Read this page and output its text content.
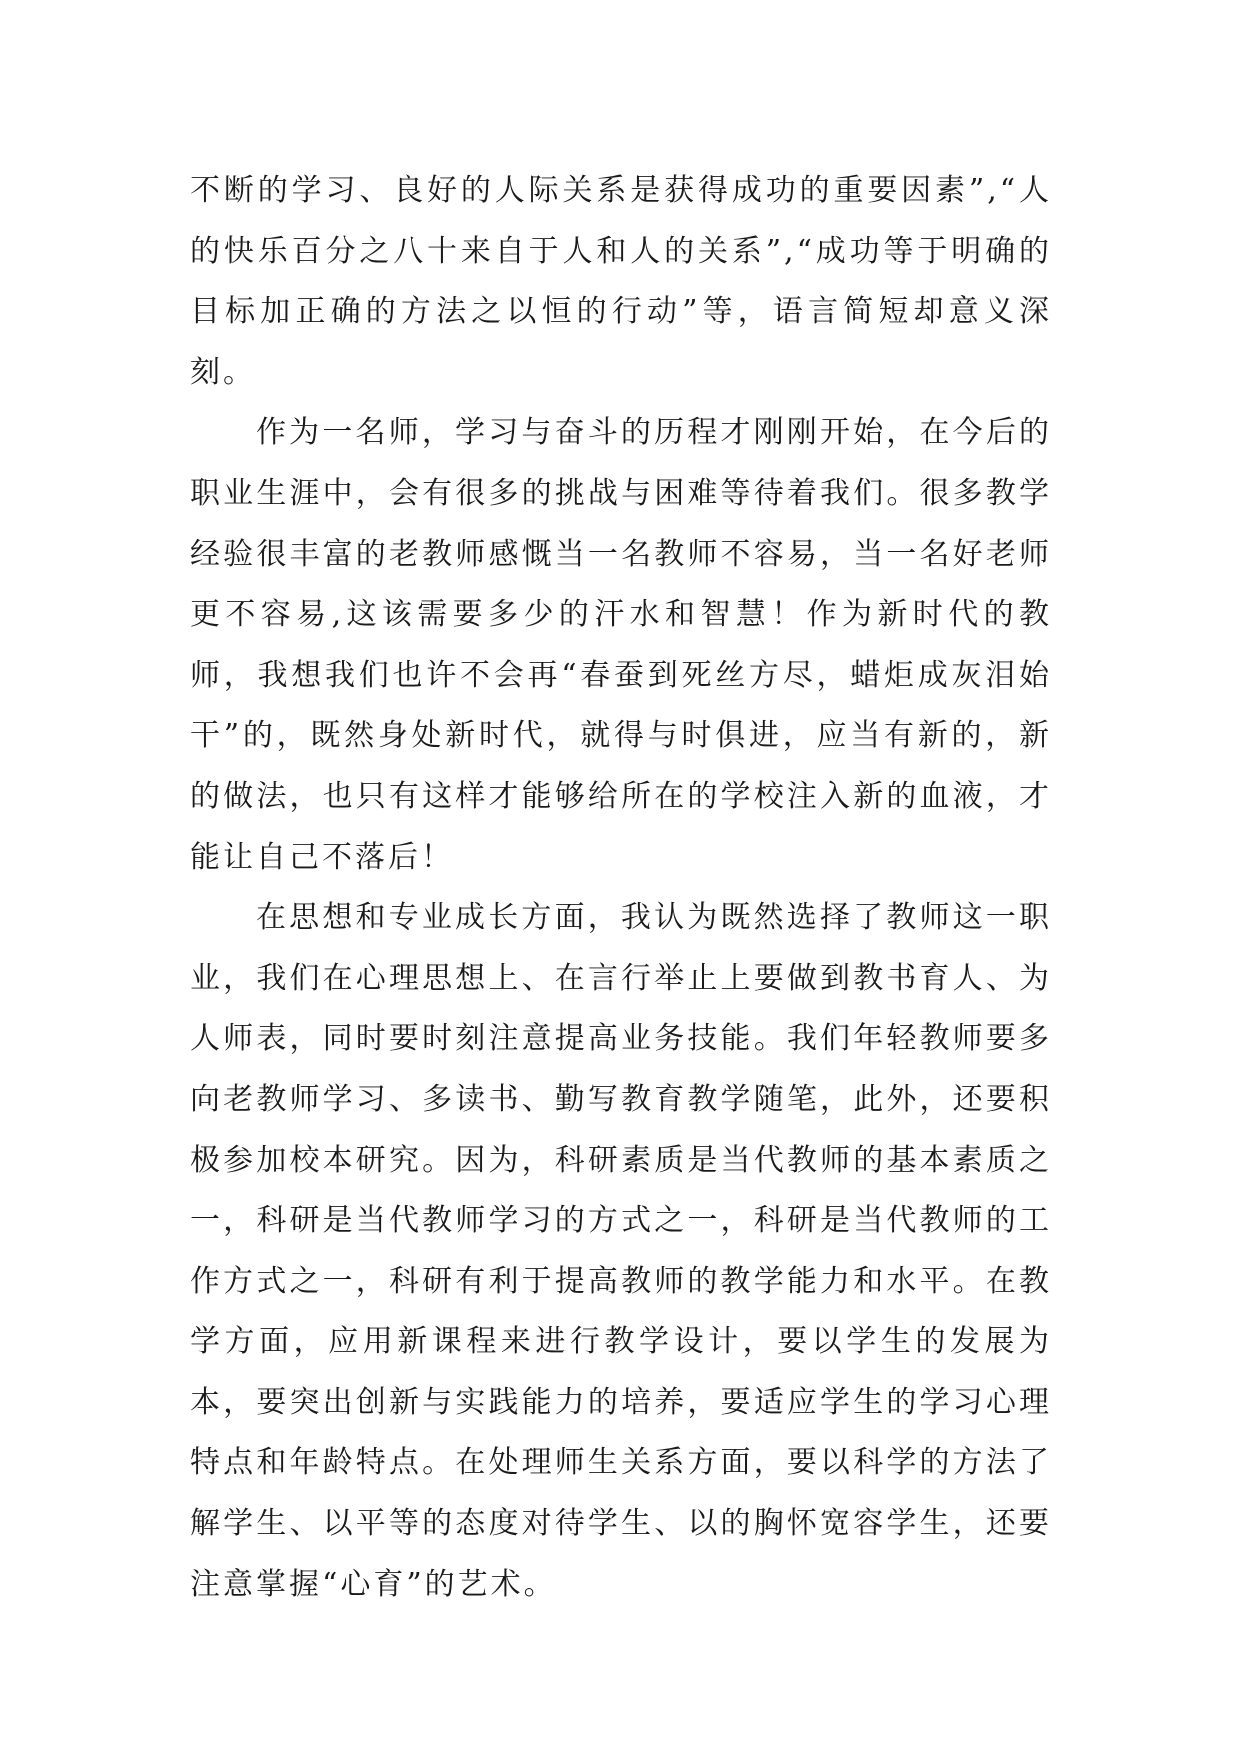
不断的学习、良好的人际关系是获得成功的重要因素”,“人的快乐百分之八十来自于人和人的关系”,“成功等于明确的目标加正确的方法之以恒的行动”等，语言简短却意义深刻。

作为一名师，学习与奋斗的历程才刚刚开始，在今后的职业生涯中，会有很多的挑战与困难等待着我们。很多教学经验很丰富的老教师感慨当一名教师不容易，当一名好老师更不容易,这该需要多少的汗水和智慧！作为新时代的教师，我想我们也许不会再“春蚕到死丝方尽，蜡炬成灰泪始干”的，既然身处新时代，就得与时俱进，应当有新的，新的做法，也只有这样才能够给所在的学校注入新的血液，才能让自己不落后！

在思想和专业成长方面，我认为既然选择了教师这一职业，我们在心理思想上、在言行举止上要做到教书育人、为人师表，同时要时刻注意提高业务技能。我们年轻教师要多向老教师学习、多读书、勤写教育教学随笔，此外，还要积极参加校本研究。因为，科研素质是当代教师的基本素质之一，科研是当代教师学习的方式之一，科研是当代教师的工作方式之一，科研有利于提高教师的教学能力和水平。在教学方面，应用新课程来进行教学设计，要以学生的发展为本，要突出创新与实践能力的培养，要适应学生的学习心理特点和年龄特点。在处理师生关系方面，要以科学的方法了解学生、以平等的态度对待学生、以的胸怀宽容学生，还要注意掌握“心育”的艺术。
